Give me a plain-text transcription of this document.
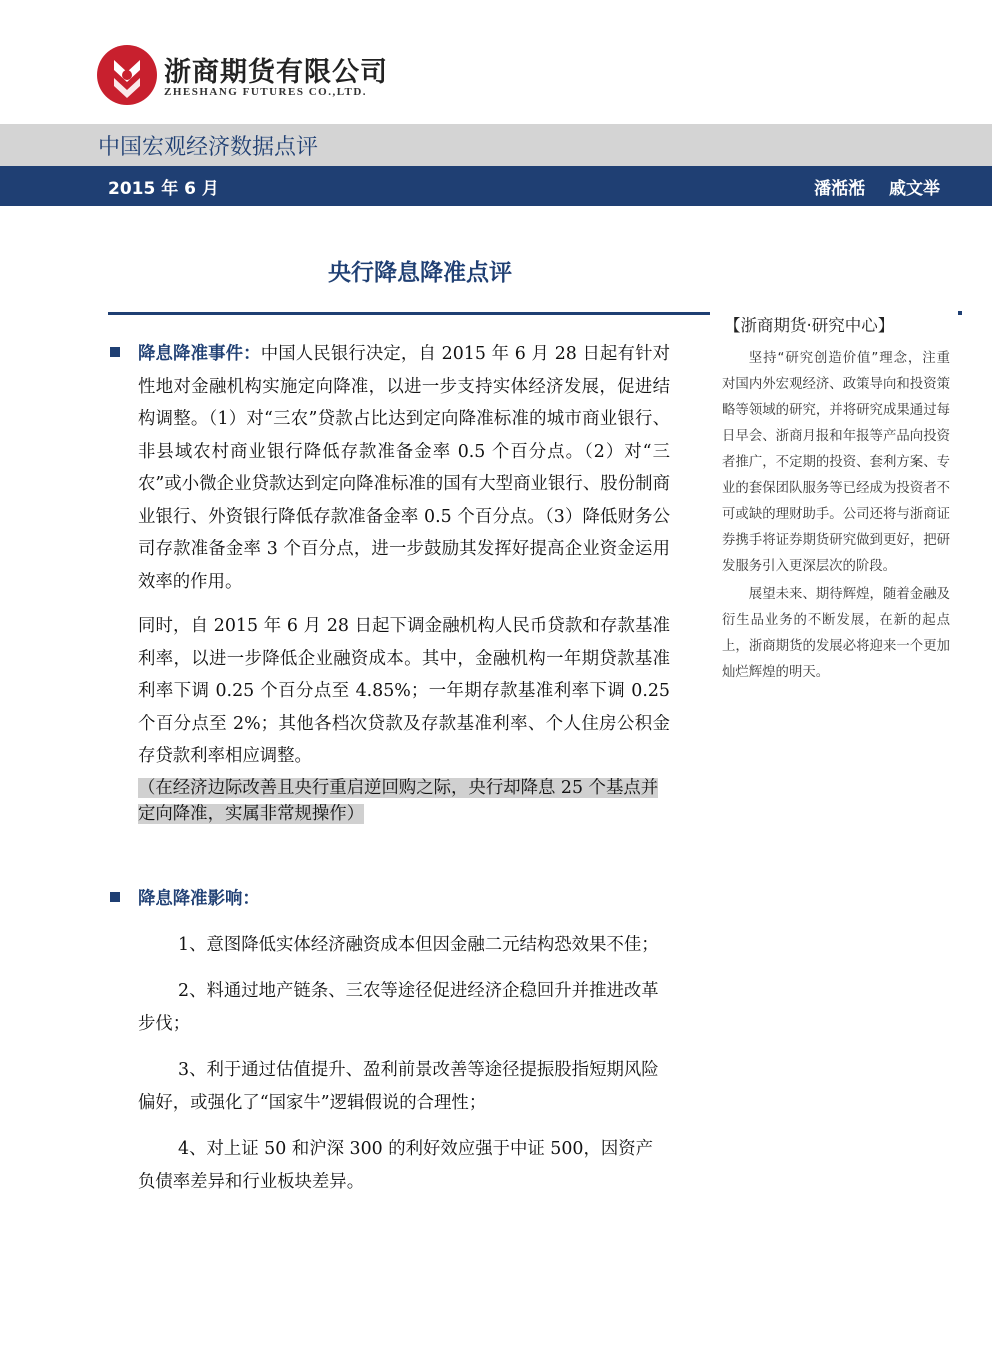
浙商期货有限公司
ZHESHANG FUTURES CO.,LTD.
中国宏观经济数据点评
2015 年 6 月	潘湉湉 戚文举
央行降息降准点评

降息降准事件：中国人民银行决定，自 2015 年 6 月 28 日起有针对性地对金融机构实施定向降准，以进一步支持实体经济发展，促进结构调整。（1）对“三农”贷款占比达到定向降准标准的城市商业银行、非县域农村商业银行降低存款准备金率 0.5 个百分点。（2）对“三农”或小微企业贷款达到定向降准标准的国有大型商业银行、股份制商业银行、外资银行降低存款准备金率 0.5 个百分点。（3）降低财务公司存款准备金率 3 个百分点，进一步鼓励其发挥好提高企业资金运用效率的作用。

同时，自 2015 年 6 月 28 日起下调金融机构人民币贷款和存款基准利率，以进一步降低企业融资成本。其中，金融机构一年期贷款基准利率下调 0.25 个百分点至 4.85%；一年期存款基准利率下调 0.25 个百分点至 2%；其他各档次贷款及存款基准利率、个人住房公积金存贷款利率相应调整。

（在经济边际改善且央行重启逆回购之际，央行却降息 25 个基点并定向降准，实属非常规操作）
降息降准影响：

1、意图降低实体经济融资成本但因金融二元结构恐效果不佳；

2、料通过地产链条、三农等途径促进经济企稳回升并推进改革步伐；

3、利于通过估值提升、盈利前景改善等途径提振股指短期风险偏好，或强化了“国家牛”逻辑假说的合理性；

4、对上证 50 和沪深 300 的利好效应强于中证 500，因资产负债率差异和行业板块差异。

【浙商期货·研究中心】

坚持“研究创造价值”理念，注重对国内外宏观经济、政策导向和投资策略等领域的研究，并将研究成果通过每日早会、浙商月报和年报等产品向投资者推广，不定期的投资、套利方案、专业的套保团队服务等已经成为投资者不可或缺的理财助手。公司还将与浙商证券携手将证券期货研究做到更好，把研发服务引入更深层次的阶段。

展望未来、期待辉煌，随着金融及衍生品业务的不断发展，在新的起点上，浙商期货的发展必将迎来一个更加灿烂辉煌的明天。
